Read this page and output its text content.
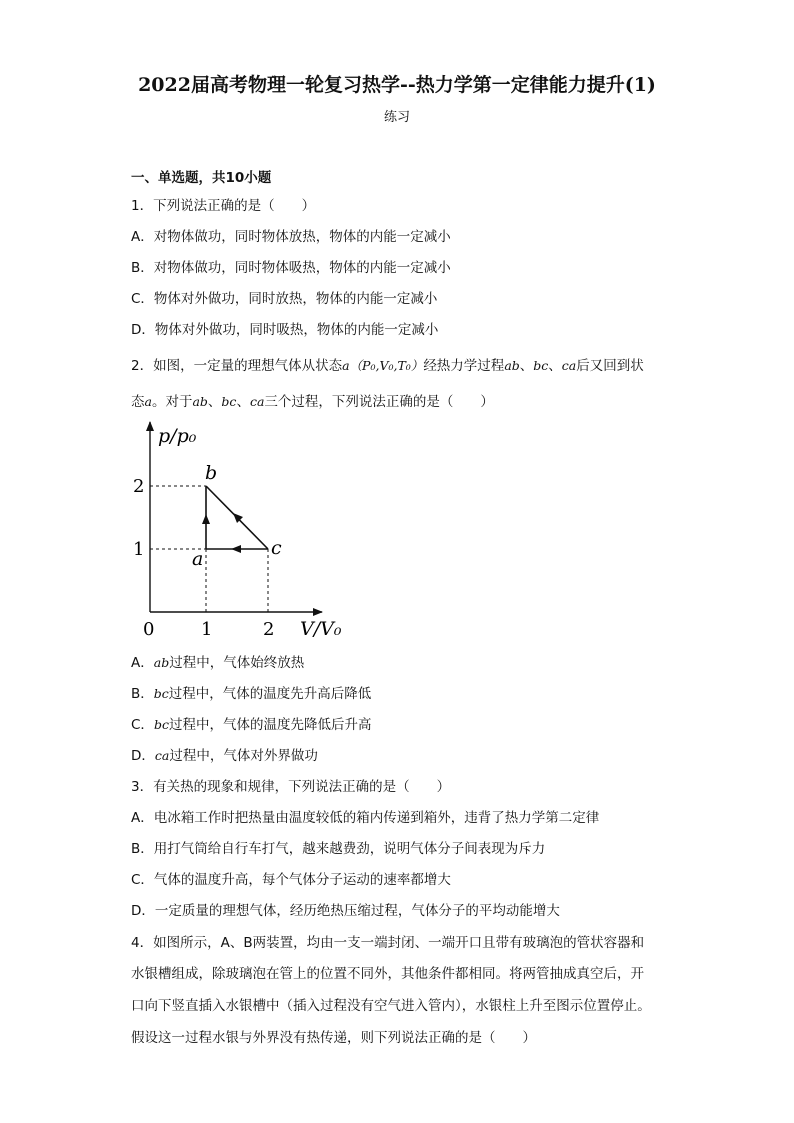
2022届高考物理一轮复习热学--热力学第一定律能力提升(1)
练习
一、单选题，共10小题
1．下列说法正确的是（　　）
A．对物体做功，同时物体放热，物体的内能一定减小
B．对物体做功，同时物体吸热，物体的内能一定减小
C．物体对外做功，同时放热，物体的内能一定减小
D．物体对外做功，同时吸热，物体的内能一定减小
2．如图，一定量的理想气体从状态a（P₀,V₀,T₀）经热力学过程ab、bc、ca后又回到状
态a。对于ab、bc、ca三个过程，下列说法正确的是（　　）
p/p₀
V/V₀
0	1	2
2
1
b
a	c
A．ab过程中，气体始终放热
B．bc过程中，气体的温度先升高后降低
C．bc过程中，气体的温度先降低后升高
D．ca过程中，气体对外界做功
3．有关热的现象和规律，下列说法正确的是（　　）
A．电冰箱工作时把热量由温度较低的箱内传递到箱外，违背了热力学第二定律
B．用打气筒给自行车打气，越来越费劲，说明气体分子间表现为斥力
C．气体的温度升高，每个气体分子运动的速率都增大
D．一定质量的理想气体，经历绝热压缩过程，气体分子的平均动能增大
4．如图所示，A、B两装置，均由一支一端封闭、一端开口且带有玻璃泡的管状容器和
水银槽组成，除玻璃泡在管上的位置不同外，其他条件都相同。将两管抽成真空后，开
口向下竖直插入水银槽中（插入过程没有空气进入管内），水银柱上升至图示位置停止。
假设这一过程水银与外界没有热传递，则下列说法正确的是（　　）
